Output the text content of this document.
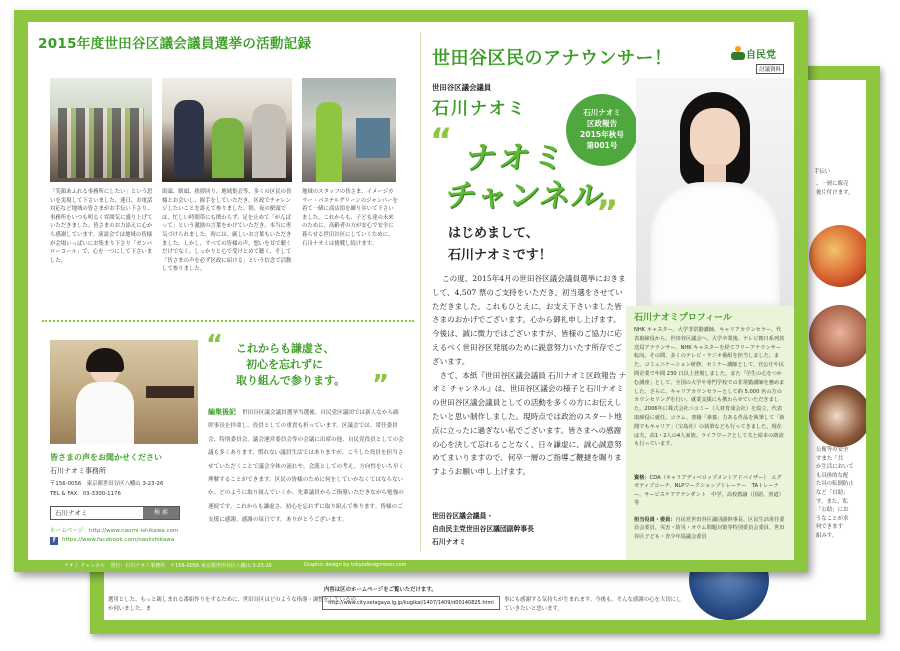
手伝い
、一層に販売
後片付けます。
公衛等の安全
すまた「共
か生活において
も具体的な配
た具の転倒防止
など「自助」
す。また、私
「公助」にお
うなことが求
何できます
組みす。
選用とした、もっと親しまれる番組作りをするために、世田谷区はどのような指導・調整をしているのか伺いました。ま
内容は区のホームページをご覧いただけます。
http://www.city.setagaya.lg.jp/kugikai/1407/1409/d00140825.html	事にも感謝する気持ちが生まれます。今後も、そんな感謝の心を大切にしていきたいと思います。
2015年度世田谷区議会議員選挙の活動記録
「笑顔あふれる事務所にしたい」という思いを実現して下さいました。連日、お電話対応など地域の皆さまがお手伝い下さり、事務所をいつも明るく雰囲気に盛り上げていただきました。皆さまのお力添えに心から感謝しています。演説会では地域の皆様が会場いっぱいにお集まり下さり「ガンバローコール」で、心を一つにして下さいました。
街頭、駅頭、挨拶回り、地域集会等、多くの区民の皆様とお会いし、握手をしていただき、区政でチャレンジしたいことを訴えて参りました。朝、夜の駅頭では、忙しい時間帯にも関わらず、足を止めて「がんばって」という激励の言葉をかけていただき、本当に勇気づけられました。時には、厳しいお言葉もいただきました。しかし、すべての皆様の声、想いを耳で聴くだけでなく、しっかりと心で受けとめて聴く、そして「皆さまの声を必ず区政に届ける」という信念で活動して参りました。
地域のスタッフの皆さま、イメージカラー・パステルグリーンのジャンパーを着て一緒に商店街を練り歩いて下さいました。これからも、子ども達の未来のために、高齢者の方が安心で安全に暮らせる世田谷区にしていくために、石川ナオミは挑戦し続けます。
皆さまの声をお聞かせください
石川ナオミ事務所
〒156-0056　東京都世田谷区八幡山 3-23-26
TEL & FAX：03-3300-1176
石川ナオミ	検 索
ホームページ：http://www.naomi-ishikawa.com
f	https://www.facebook.com/naoiishikawa
“ これからも謙虚さ、
初心を忘れずに
取り組んで参ります。 ”
編集後記 世田谷区議会議員選挙当選後、自民党区議団では新人なから副幹事長を拝命し、役員としての重責も担っています。区議会では、常任委員会、特別委員会、議会運営委員会等の会議に出席の他、自民党役員としての会議も多くあります。慣れない議員生活ではありますが、こうした役員を担当させていただくことで議会全体の流れや、会派としての考え、方向性をいち早く理解することができます。区民の皆様のために何をしていかなくてはならないか、どのように取り組んでいくか、先輩議員からご指導いただきながら勉強の連続です。これからも謙虚さ、初心を忘れずに取り組んで参ります。皆様のご支援に感謝、感謝の毎日です。ありがとうございます。
世田谷区民のアナウンサー！	自民党
討議資料
世田谷区議会議員
石川ナオミ	石川ナオミ
区政報告
2015年秋号
第001号
“ ナオミ
チャンネル
”
はじめまして、
石川ナオミです！
この度、2015年4月の世田谷区議会議員選挙におきまして、4,507 票のご支持をいただき、初当選をさせていただきました。これもひとえに、お支え下さいました皆さまのおかげでございます。心から御礼申し上げます。今後は、誠に微力ではございますが、皆様のご協力に応えるべく世田谷区発展のために鋭意努力いたす所存でございます。
　さて、本紙『世田谷区議会議員 石川ナオミ区政報告 ナオミ チャンネル』は、世田谷区議会の様子と石川ナオミの世田谷区議会議員としての活動を多くの方にお伝えしたいと思い制作しました。現時点では政治のスタート地点に立ったに過ぎない私でございます。皆さまへの感謝の心を決して忘れることなく、日々謙虚に、誠心誠意努めてまいりますので、何卒一層のご指導ご鞭撻を賜りますようお願い申し上げます。
世田谷区議会議員・
自由民主党世田谷区議団副幹事長
石川ナオミ
石川ナオミプロフィール
NHK キャスター、大学非常勤講師、キャリアカウンセラー、代表取締役から、世田谷区議会へ。大学卒業後、テレビ朝日系列放送局アナウンサー、NHK キャスターを経てフリーアナウンサー転向。その間、多くのテレビ・ラジオ番組を担当しました。また、コミュニケーション研修、セミナー講師として、官公庁や民間企業で年間 230 日以上登壇しました。また「学生の心をつかむ講座」として、全国の大学や専門学校での非常勤講師を務めました。さらに、キャリアカウンセラーとして約 5,000 名の方のカウンセリングを行い、就業支援にも携わらせていただきました。2006年に株式会社ニコミー（人材育成会社）を設立、代表取締役に就任。コラム、書籍「素養」力ある作品を執筆して「新聞でもキャリア」（宝島社）の執筆なども行ってきました。現在は夫、高1・2人の4人家族。ライフワークとして夫と絵本の朗読も行っています。
資格：CDA（キャリアディベロップメントアドバイザー）　エグゼティブコーチ、NLPワークショップトレーナー　TAトレーナー、サービスケアアテンダント　中学、高校教諭（国語、書道）等
担当役員・委員：自民党世田谷区議団副幹事長、区民生活常任委員会委員、災害・防災・オウム問題対策等特別委員会委員、世田谷区子ども・青少年協議会委員
ナオミ チャンネル　発行：石川ナオミ事務所　〒156-0056 東京都世田谷区八幡山 3-23-26	Graphic design by tokyodesignroom.com
